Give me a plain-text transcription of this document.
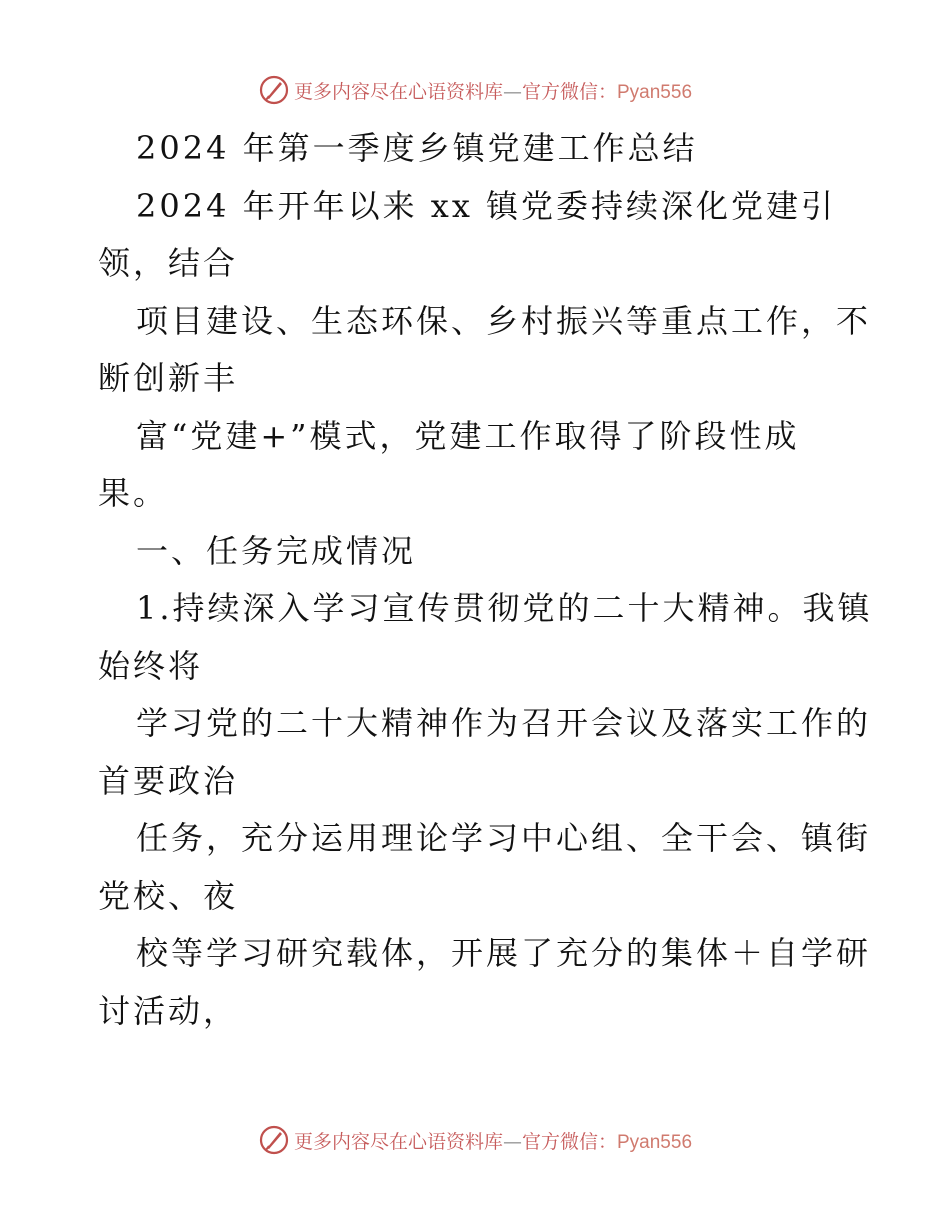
更多内容尽在心语资料库—官方微信：Pyan556
2024 年第一季度乡镇党建工作总结
2024 年开年以来 xx 镇党委持续深化党建引
领，结合
项目建设、生态环保、乡村振兴等重点工作，不
断创新丰
富“党建+”模式，党建工作取得了阶段性成
果。
一、任务完成情况
1.持续深入学习宣传贯彻党的二十大精神。我镇
始终将
学习党的二十大精神作为召开会议及落实工作的
首要政治
任务，充分运用理论学习中心组、全干会、镇街
党校、夜
校等学习研究载体，开展了充分的集体＋自学研
讨活动，
更多内容尽在心语资料库—官方微信：Pyan556
